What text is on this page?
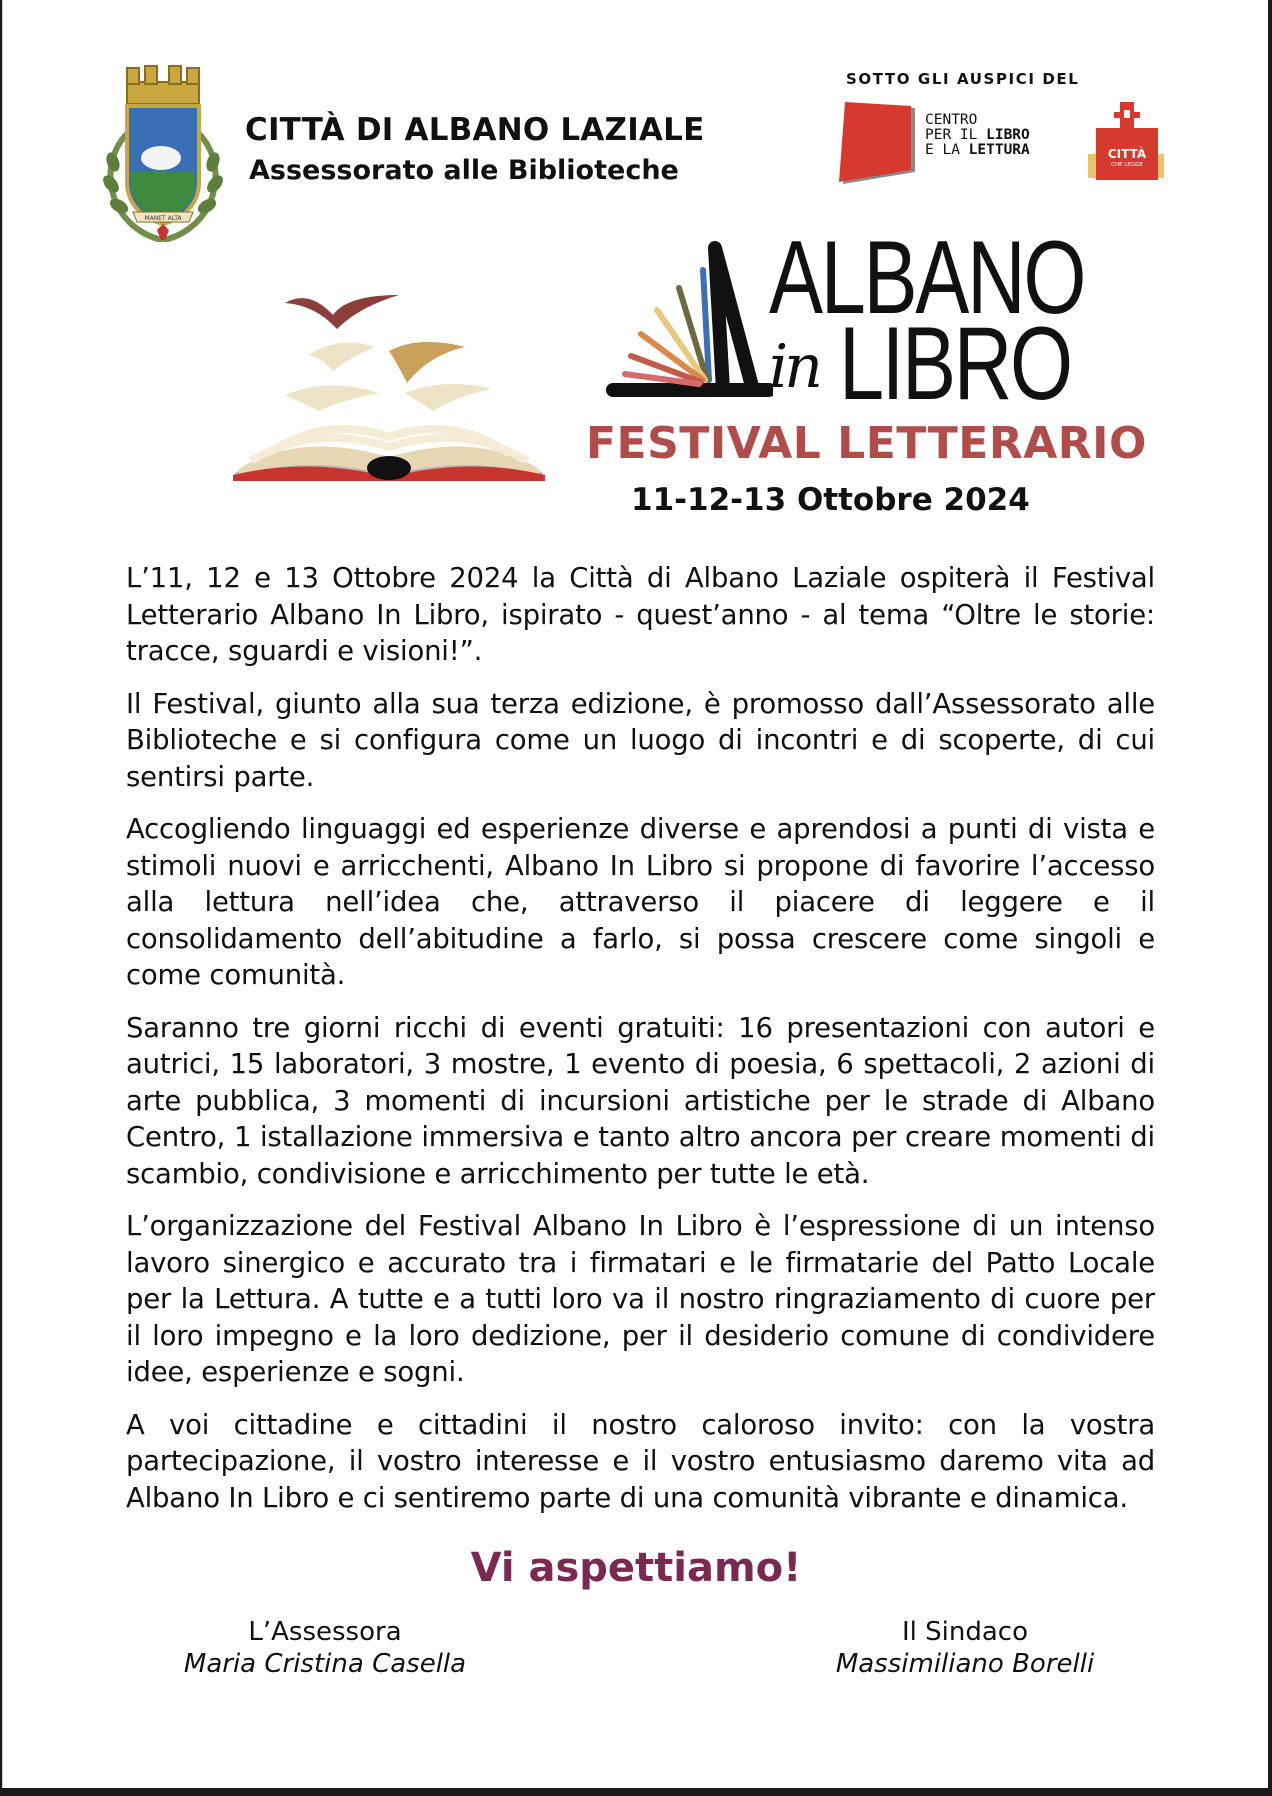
MANET ALTA
CITTÀ DI ALBANO LAZIALE
Assessorato alle Biblioteche
SOTTO GLI AUSPICI DEL
CENTRO
PER IL LIBRO
E LA LETTURA	CITTÀ
CHE LEGGE
ALBANO
in LIBRO
FESTIVAL LETTERARIO
11-12-13 Ottobre 2024

L’11, 12 e 13 Ottobre 2024 la Città di Albano Laziale ospiterà il Festival Letterario Albano In Libro, ispirato - quest’anno - al tema “Oltre le storie: tracce, sguardi e visioni!”.

Il Festival, giunto alla sua terza edizione, è promosso dall’Assessorato alle Biblioteche e si configura come un luogo di incontri e di scoperte, di cui sentirsi parte.

Accogliendo linguaggi ed esperienze diverse e aprendosi a punti di vista e stimoli nuovi e arricchenti, Albano In Libro si propone di favorire l’accesso alla lettura nell’idea che, attraverso il piacere di leggere e il consolidamento dell’abitudine a farlo, si possa crescere come singoli e come comunità.

Saranno tre giorni ricchi di eventi gratuiti: 16 presentazioni con autori e autrici, 15 laboratori, 3 mostre, 1 evento di poesia, 6 spettacoli, 2 azioni di arte pubblica, 3 momenti di incursioni artistiche per le strade di Albano Centro, 1 istallazione immersiva e tanto altro ancora per creare momenti di scambio, condivisione e arricchimento per tutte le età.

L’organizzazione del Festival Albano In Libro è l’espressione di un intenso lavoro sinergico e accurato tra i firmatari e le firmatarie del Patto Locale per la Lettura. A tutte e a tutti loro va il nostro ringraziamento di cuore per il loro impegno e la loro dedizione, per il desiderio comune di condividere idee, esperienze e sogni.

A voi cittadine e cittadini il nostro caloroso invito: con la vostra partecipazione, il vostro interesse e il vostro entusiasmo daremo vita ad Albano In Libro e ci sentiremo parte di una comunità vibrante e dinamica.

Vi aspettiamo!
L’Assessora
Maria Cristina Casella
Il Sindaco
Massimiliano Borelli
